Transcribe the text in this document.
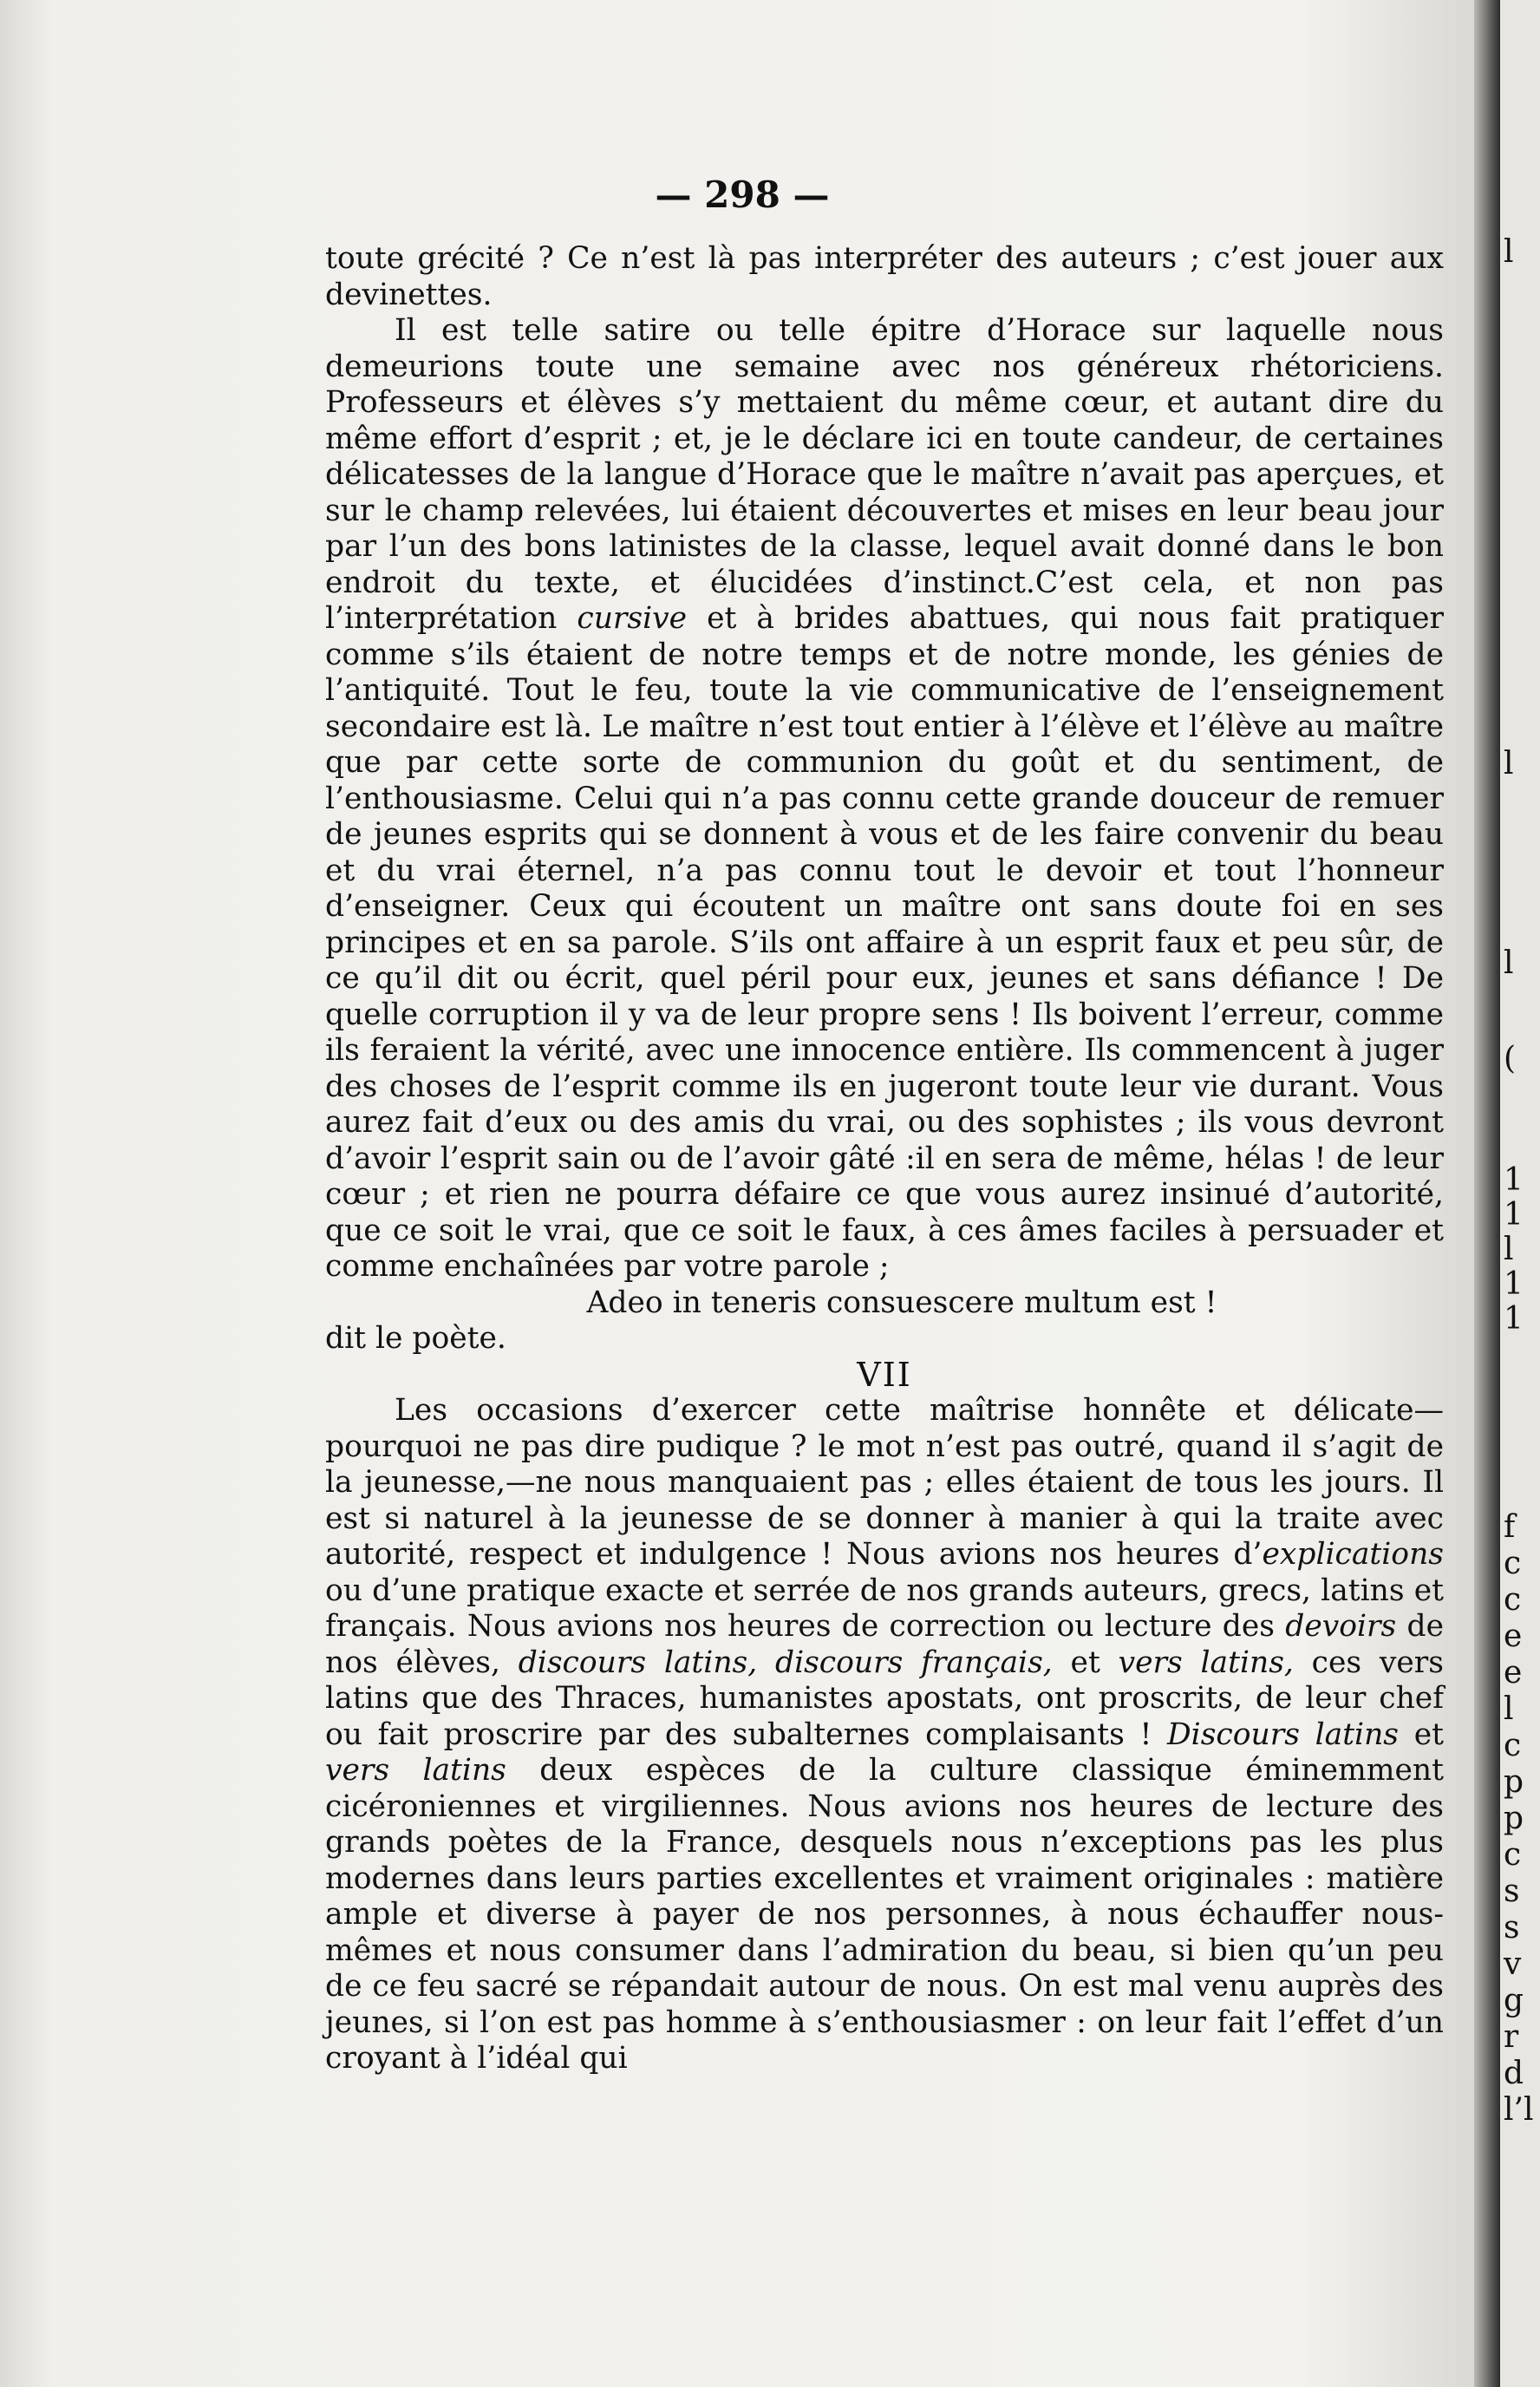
— 298 —

toute grécité ? Ce n’est là pas interpréter des auteurs ; c’est jouer aux devinettes.

Il est telle satire ou telle épitre d’Horace sur laquelle nous demeurions toute une semaine avec nos généreux rhétoriciens. Professeurs et élèves s’y mettaient du même cœur, et autant dire du même effort d’esprit ; et, je le déclare ici en toute candeur, de certaines délicatesses de la langue d’Horace que le maître n’avait pas aperçues, et sur le champ relevées, lui étaient découvertes et mises en leur beau jour par l’un des bons latinistes de la classe, lequel avait donné dans le bon endroit du texte, et élucidées d’instinct.C’est cela, et non pas l’interprétation cursive et à brides abattues, qui nous fait pratiquer comme s’ils étaient de notre temps et de notre monde, les génies de l’antiquité. Tout le feu, toute la vie communicative de l’enseignement secondaire est là. Le maître n’est tout entier à l’élève et l’élève au maître que par cette sorte de communion du goût et du sentiment, de l’enthousiasme. Celui qui n’a pas connu cette grande douceur de remuer de jeunes esprits qui se donnent à vous et de les faire convenir du beau et du vrai éternel, n’a pas connu tout le devoir et tout l’honneur d’enseigner. Ceux qui écoutent un maître ont sans doute foi en ses principes et en sa parole. S’ils ont affaire à un esprit faux et peu sûr, de ce qu’il dit ou écrit, quel péril pour eux, jeunes et sans défiance ! De quelle corruption il y va de leur propre sens ! Ils boivent l’erreur, comme ils feraient la vérité, avec une innocence entière. Ils commencent à juger des choses de l’esprit comme ils en jugeront toute leur vie durant. Vous aurez fait d’eux ou des amis du vrai, ou des sophistes ; ils vous devront d’avoir l’esprit sain ou de l’avoir gâté :il en sera de même, hélas ! de leur cœur ; et rien ne pourra défaire ce que vous aurez insinué d’autorité, que ce soit le vrai, que ce soit le faux, à ces âmes faciles à persuader et comme enchaînées par votre parole ;

Adeo in teneris consuescere multum est !

dit le poète.

VII

Les occasions d’exercer cette maîtrise honnête et délicate—pourquoi ne pas dire pudique ? le mot n’est pas outré, quand il s’agit de la jeunesse,—ne nous manquaient pas ; elles étaient de tous les jours. Il est si naturel à la jeunesse de se donner à manier à qui la traite avec autorité, respect et indulgence ! Nous avions nos heures d’explications ou d’une pratique exacte et serrée de nos grands auteurs, grecs, latins et français. Nous avions nos heures de correction ou lecture des devoirs de nos élèves, discours latins, discours français, et vers latins, ces vers latins que des Thraces, humanistes apostats, ont proscrits, de leur chef ou fait proscrire par des subalternes complaisants ! Discours latins et vers latins deux espèces de la culture classique éminemment cicéroniennes et virgiliennes. Nous avions nos heures de lecture des grands poètes de la France, desquels nous n’exceptions pas les plus modernes dans leurs parties excellentes et vraiment originales : matière ample et diverse à payer de nos personnes, à nous échauffer nous-mêmes et nous consumer dans l’admiration du beau, si bien qu’un peu de ce feu sacré se répandait autour de nous. On est mal venu auprès des jeunes, si l’on est pas homme à s’enthousiasmer : on leur fait l’effet d’un croyant à l’idéal qui

l
l
l
(
1
1
l
1
1
f
c
c
e
e
l
c
p
p
c
s
s
v
g
r
d
l’l
